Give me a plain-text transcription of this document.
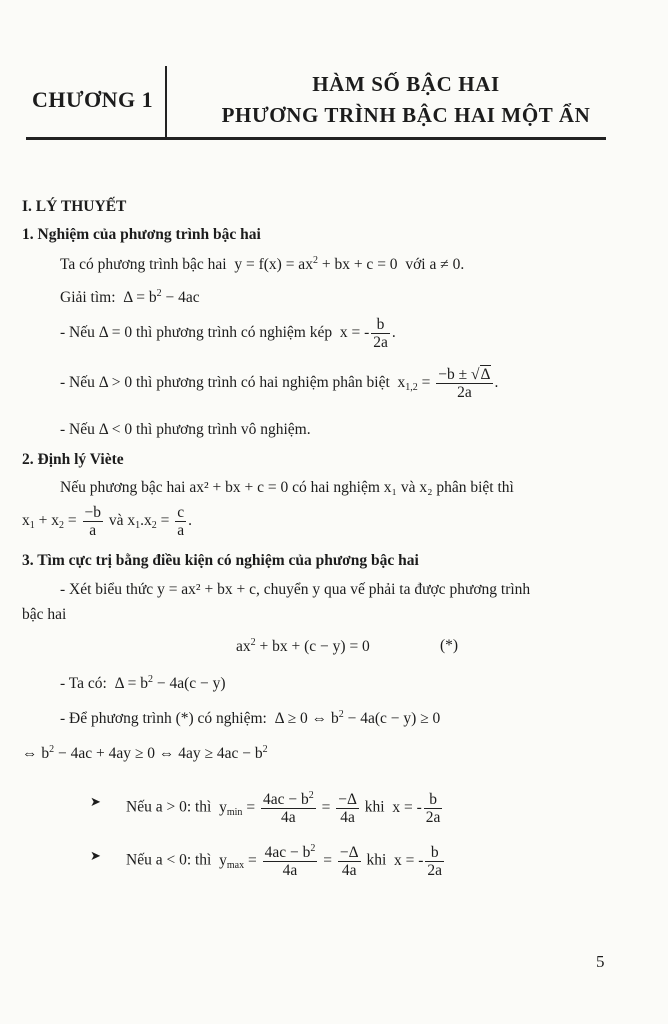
CHƯƠNG 1
HÀM SỐ BẬC HAI
PHƯƠNG TRÌNH BẬC HAI MỘT ẨN
I. LÝ THUYẾT
1. Nghiệm của phương trình bậc hai
Ta có phương trình bậc hai  $y = f(x) = ax^2$ + bx + c = 0  với a ≠ 0.
Giải tìm:  $\Delta = b^2 - 4ac$
- Nếu Δ = 0 thì phương trình có nghiệm kép  x = - $\frac{b}{2a}$ .
- Nếu Δ > 0 thì phương trình có hai nghiệm phân biệt  $x_{1,2} = \frac{-b \pm √\Delta}{2a}$ .
- Nếu Δ < 0 thì phương trình vô nghiệm.
2. Định lý Viète
Nếu phương bậc hai ax² + bx + c = 0 có hai nghiệm x₁ và x₂ phân biệt thì
$x_1 + x_2 = \frac{-b}{a}$ và $x_1.x_2 = \frac{c}{a}$ .
3. Tìm cực trị bằng điều kiện có nghiệm của phương bậc hai
- Xét biểu thức y = ax² + bx + c, chuyển y qua vế phải ta được phương trình
bậc hai
$ax^2$ + bx + (c − y) = 0	(*)
- Ta có:  $\Delta = b^2 - 4a(c - y)$
- Để phương trình (*) có nghiệm:  Δ ≥ 0 ⇔ $b^2 - 4a(c - y) \ge 0$
⇔ $b^2 - 4ac + 4ay \ge 0$ ⇔ $4ay \ge 4ac - b^2$
➤ Nếu a > 0: thì  $y_{min} = \frac{4ac - b^2}{4a} = \frac{-\Delta}{4a}$ khi  x = - $\frac{b}{2a}$
➤ Nếu a < 0: thì  $y_{max} = \frac{4ac - b^2}{4a} = \frac{-\Delta}{4a}$ khi  x = - $\frac{b}{2a}$
5
